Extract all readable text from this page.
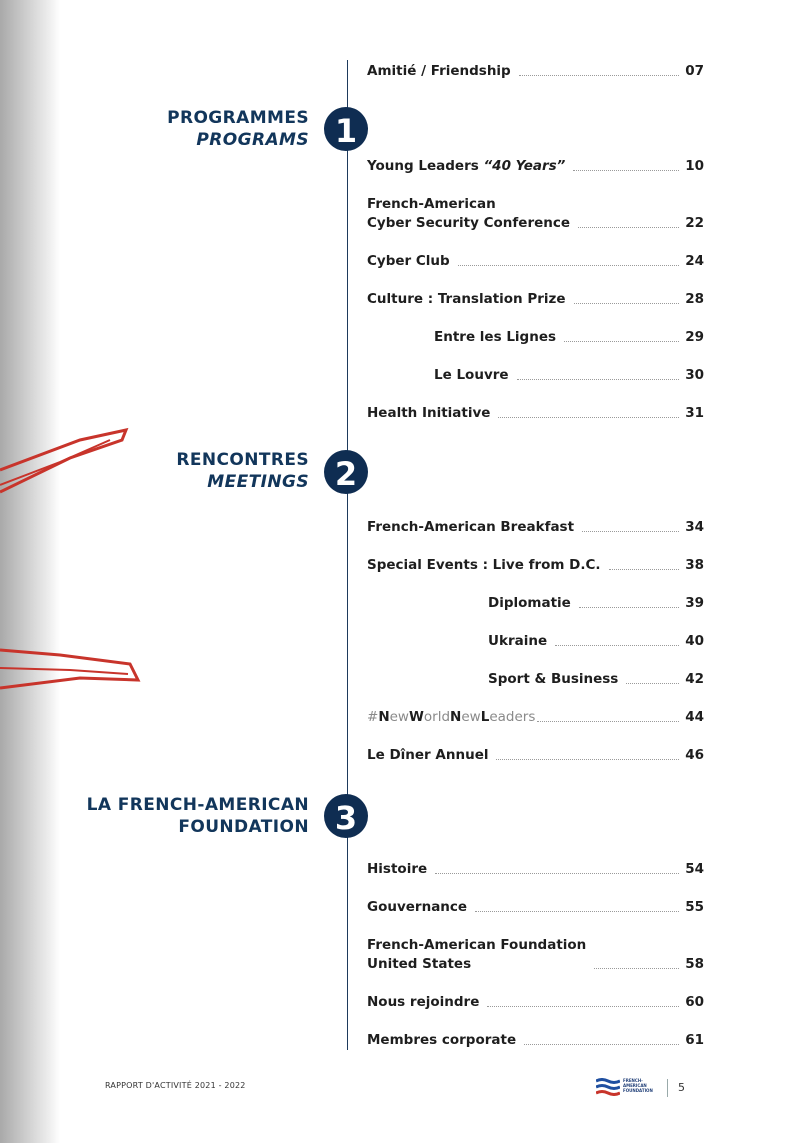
PROGRAMMES
PROGRAMS 1
RENCONTRES
MEETINGS 2
LA FRENCH-AMERICAN
FOUNDATION 3
Amitié / Friendship	07
Young Leaders “40 Years”	10
French-American
Cyber Security Conference	22
Cyber Club	24
Culture : Translation Prize	28
Entre les Lignes	29
Le Louvre	30
Health Initiative	31
French-American Breakfast	34
Special Events : Live from D.C.	38
Diplomatie	39
Ukraine	40
Sport & Business	42
#NewWorldNewLeaders	44
Le Dîner Annuel	46
Histoire	54
Gouvernance	55
French-American Foundation
United States	58
Nous rejoindre	60
Membres corporate	61
RAPPORT D'ACTIVITÉ 2021 - 2022
FRENCH-
AMERICAN
FOUNDATION 5
